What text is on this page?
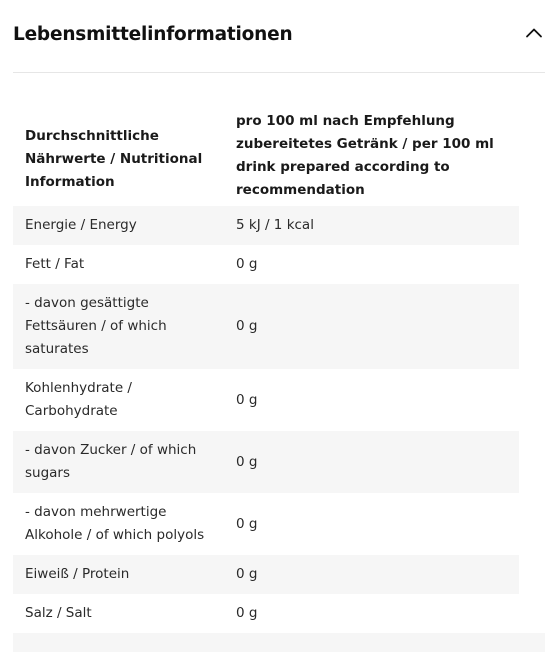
Lebensmittelinformationen
Durchschnittliche Nährwerte / Nutritional Information	pro 100 ml nach Empfehlung zubereitetes Getränk / per 100 ml drink prepared according to recommendation
Energie / Energy	5 kJ / 1 kcal
Fett / Fat	0 g
- davon gesättigte Fettsäuren / of which saturates	0 g
Kohlenhydrate / Carbohydrate	0 g
- davon Zucker / of which sugars	0 g
- davon mehrwertige Alkohole / of which polyols	0 g
Eiweiß / Protein	0 g
Salz / Salt	0 g
